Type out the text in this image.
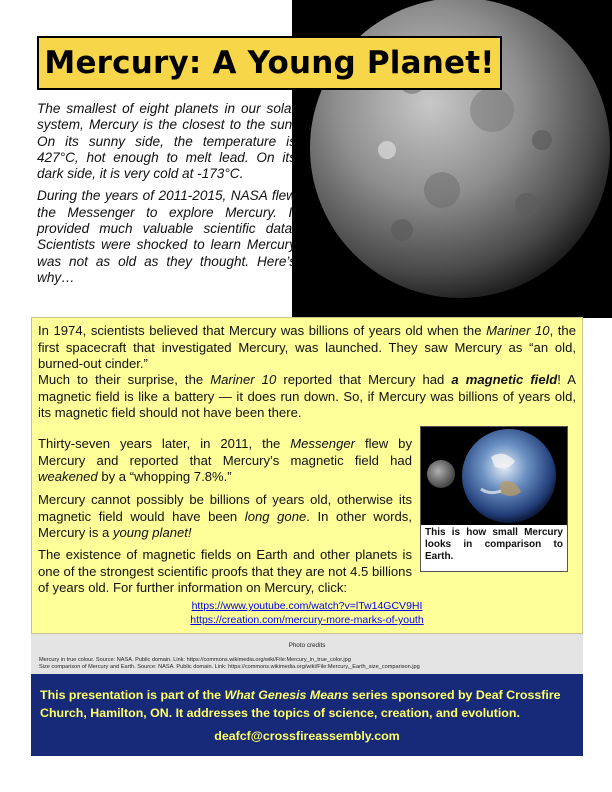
Mercury: A Young Planet!

The smallest of eight planets in our solar system, Mercury is the closest to the sun. On its sunny side, the temperature is 427°C, hot enough to melt lead. On its dark side, it is very cold at -173°C.

During the years of 2011-2015, NASA flew the Messenger to explore Mercury. It provided much valuable scientific data. Scientists were shocked to learn Mercury was not as old as they thought. Here’s why…

In 1974, scientists believed that Mercury was billions of years old when the Mariner 10, the first spacecraft that investigated Mercury, was launched. They saw Mercury as “an old, burned-out cinder.”

Much to their surprise, the Mariner 10 reported that Mercury had a magnetic field! A magnetic field is like a battery — it does run down. So, if Mercury was billions of years old, its magnetic field should not have been there.

Thirty-seven years later, in 2011, the Messenger flew by Mercury and reported that Mercury’s magnetic field had weakened by a “whopping 7.8%.”

Mercury cannot possibly be billions of years old, otherwise its magnetic field would have been long gone. In other words, Mercury is a young planet!

The existence of magnetic fields on Earth and other planets is one of the strongest scientific proofs that they are not 4.5 billions of years old. For further information on Mercury, click:

This is how small Mercury looks in comparison to Earth.
https://www.youtube.com/watch?v=lTw14GCV9HI
https://creation.com/mercury-more-marks-of-youth
Photo credits
Mercury in true colour. Source: NASA. Public domain. Link: https://commons.wikimedia.org/wiki/File:Mercury_in_true_color.jpg
Size comparison of Mercury and Earth. Source: NASA. Public domain. Link: https://commons.wikimedia.org/wiki/File:Mercury,_Earth_size_comparison.jpg

This presentation is part of the What Genesis Means series sponsored by Deaf Crossfire Church, Hamilton, ON. It addresses the topics of science, creation, and evolution.

deafcf@crossfireassembly.com
